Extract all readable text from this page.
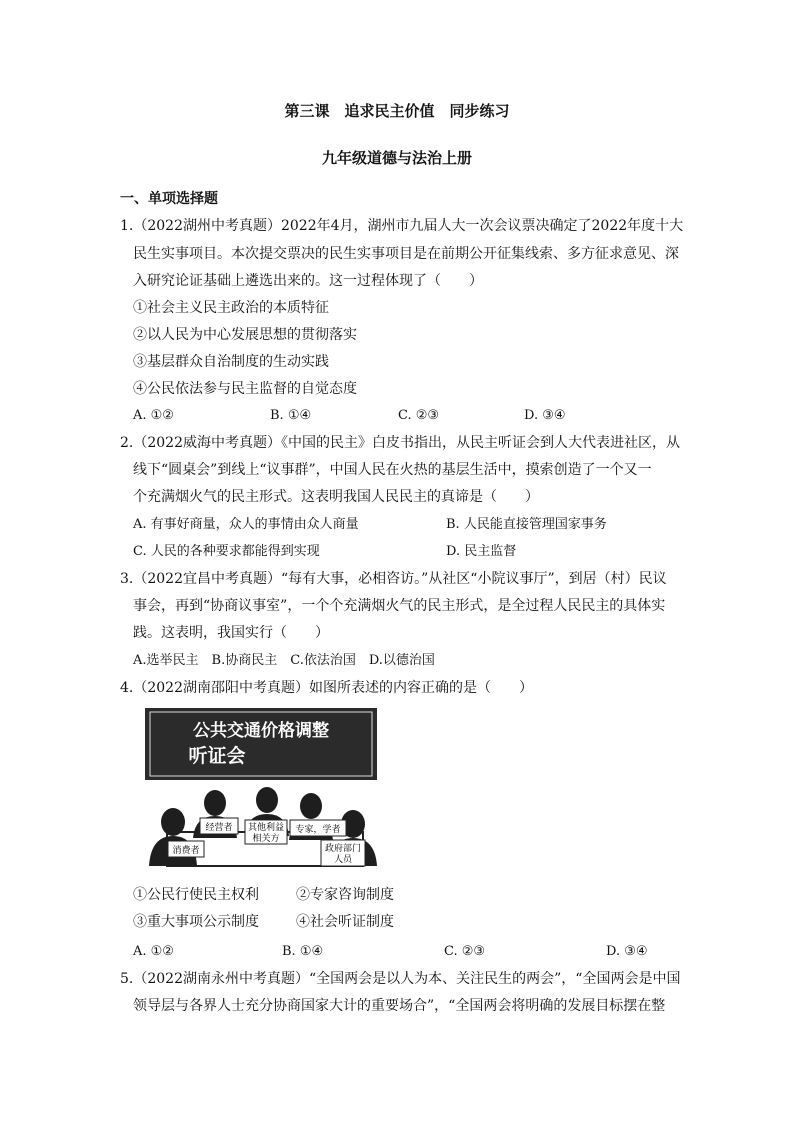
第三课　追求民主价值　同步练习
九年级道德与法治上册
一、单项选择题
1.（2022湖州中考真题）2022年4月，湖州市九届人大一次会议票决确定了2022年度十大
民生实事项目。本次提交票决的民生实事项目是在前期公开征集线索、多方征求意见、深
入研究论证基础上遴选出来的。这一过程体现了（　　）
①社会主义民主政治的本质特征
②以人民为中心发展思想的贯彻落实
③基层群众自治制度的生动实践
④公民依法参与民主监督的自觉态度
A. ①②	B. ①④	C. ②③	D. ③④
2.（2022威海中考真题）《中国的民主》白皮书指出，从民主听证会到人大代表进社区，从
线下“圆桌会”到线上“议事群”，中国人民在火热的基层生活中，摸索创造了一个又一
个充满烟火气的民主形式。这表明我国人民民主的真谛是（　　）
A. 有事好商量，众人的事情由众人商量	B. 人民能直接管理国家事务
C. 人民的各种要求都能得到实现	D. 民主监督
3.（2022宜昌中考真题）“每有大事，必相咨访。”从社区“小院议事厅”，到居（村）民议
事会，再到“协商议事室”，一个个充满烟火气的民主形式，是全过程人民民主的具体实
践。这表明，我国实行（　　）
A.选举民主　B.协商民主　C.依法治国　D.以德治国
4.（2022湖南邵阳中考真题）如图所表述的内容正确的是（　　）
公共交通价格调整
听证会
经营者 其他利益
相关方
专家，学者
消费者	政府部门
人员
①公民行使民主权利	②专家咨询制度
③重大事项公示制度	④社会听证制度
A. ①②	B. ①④	C. ②③	D. ③④
5.（2022湖南永州中考真题）“全国两会是以人为本、关注民生的两会”，“全国两会是中国
领导层与各界人士充分协商国家大计的重要场合”，“全国两会将明确的发展目标摆在整
